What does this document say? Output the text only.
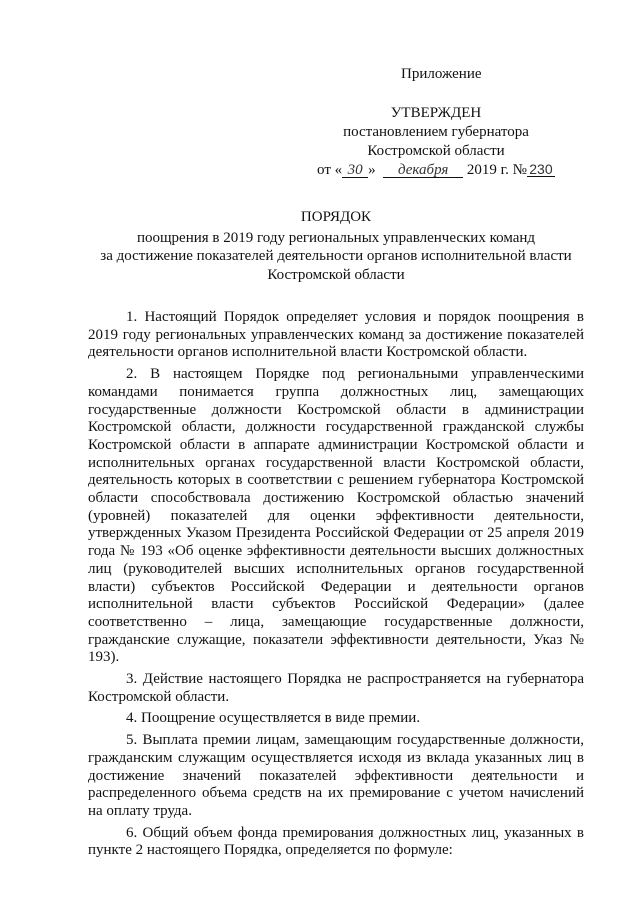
Приложение
УТВЕРЖДЕН
постановлением губернатора
Костромской области
от « 30 » декабря 2019 г. № 230
ПОРЯДОК
поощрения в 2019 году региональных управленческих команд
за достижение показателей деятельности органов исполнительной власти
Костромской области

1. Настоящий Порядок определяет условия и порядок поощрения в 2019 году региональных управленческих команд за достижение показателей деятельности органов исполнительной власти Костромской области.

2. В настоящем Порядке под региональными управленческими командами понимается группа должностных лиц, замещающих государственные должности Костромской области в администрации Костромской области, должности государственной гражданской службы Костромской области в аппарате администрации Костромской области и исполнительных органах государственной власти Костромской области, деятельность которых в соответствии с решением губернатора Костромской области способствовала достижению Костромской областью значений (уровней) показателей для оценки эффективности деятельности, утвержденных Указом Президента Российской Федерации от 25 апреля 2019 года № 193 «Об оценке эффективности деятельности высших должностных лиц (руководителей высших исполнительных органов государственной власти) субъектов Российской Федерации и деятельности органов исполнительной власти субъектов Российской Федерации» (далее соответственно – лица, замещающие государственные должности, гражданские служащие, показатели эффективности деятельности, Указ № 193).

3. Действие настоящего Порядка не распространяется на губернатора Костромской области.

4. Поощрение осуществляется в виде премии.

5. Выплата премии лицам, замещающим государственные должности, гражданским служащим осуществляется исходя из вклада указанных лиц в достижение значений показателей эффективности деятельности и распределенного объема средств на их премирование с учетом начислений на оплату труда.

6. Общий объем фонда премирования должностных лиц, указанных в пункте 2 настоящего Порядка, определяется по формуле:
